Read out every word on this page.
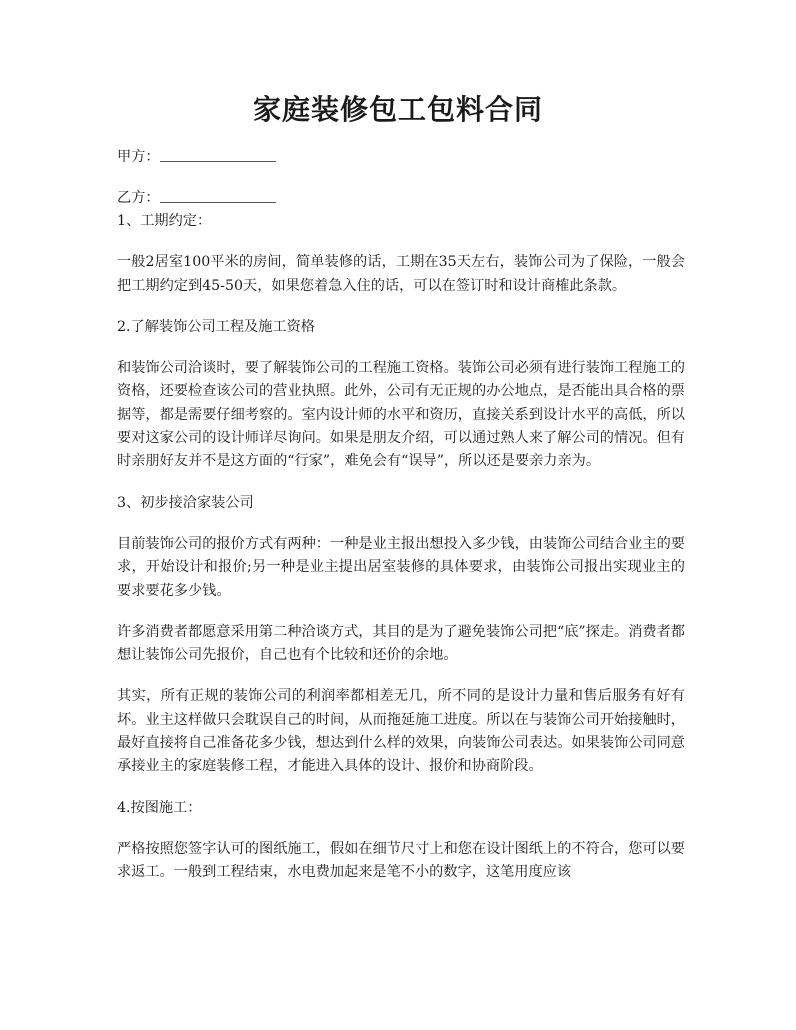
家庭装修包工包料合同

甲方：

乙方：

1、工期约定：

一般2居室100平米的房间，简单装修的话，工期在35天左右，装饰公司为了保险，一般会把工期约定到45-50天，如果您着急入住的话，可以在签订时和设计商榷此条款。

2.了解装饰公司工程及施工资格

和装饰公司洽谈时，要了解装饰公司的工程施工资格。装饰公司必须有进行装饰工程施工的资格，还要检查该公司的营业执照。此外，公司有无正规的办公地点，是否能出具合格的票据等，都是需要仔细考察的。室内设计师的水平和资历，直接关系到设计水平的高低，所以要对这家公司的设计师详尽询问。如果是朋友介绍，可以通过熟人来了解公司的情况。但有时亲朋好友并不是这方面的“行家”，难免会有“误导”，所以还是要亲力亲为。

3、初步接洽家装公司

目前装饰公司的报价方式有两种：一种是业主报出想投入多少钱，由装饰公司结合业主的要求，开始设计和报价;另一种是业主提出居室装修的具体要求，由装饰公司报出实现业主的要求要花多少钱。

许多消费者都愿意采用第二种洽谈方式，其目的是为了避免装饰公司把“底”探走。消费者都想让装饰公司先报价，自己也有个比较和还价的余地。

其实，所有正规的装饰公司的利润率都相差无几，所不同的是设计力量和售后服务有好有坏。业主这样做只会耽误自己的时间，从而拖延施工进度。所以在与装饰公司开始接触时，最好直接将自己准备花多少钱，想达到什么样的效果，向装饰公司表达。如果装饰公司同意承接业主的家庭装修工程，才能进入具体的设计、报价和协商阶段。

4.按图施工：

严格按照您签字认可的图纸施工，假如在细节尺寸上和您在设计图纸上的不符合，您可以要求返工。一般到工程结束，水电费加起来是笔不小的数字，这笔用度应该
